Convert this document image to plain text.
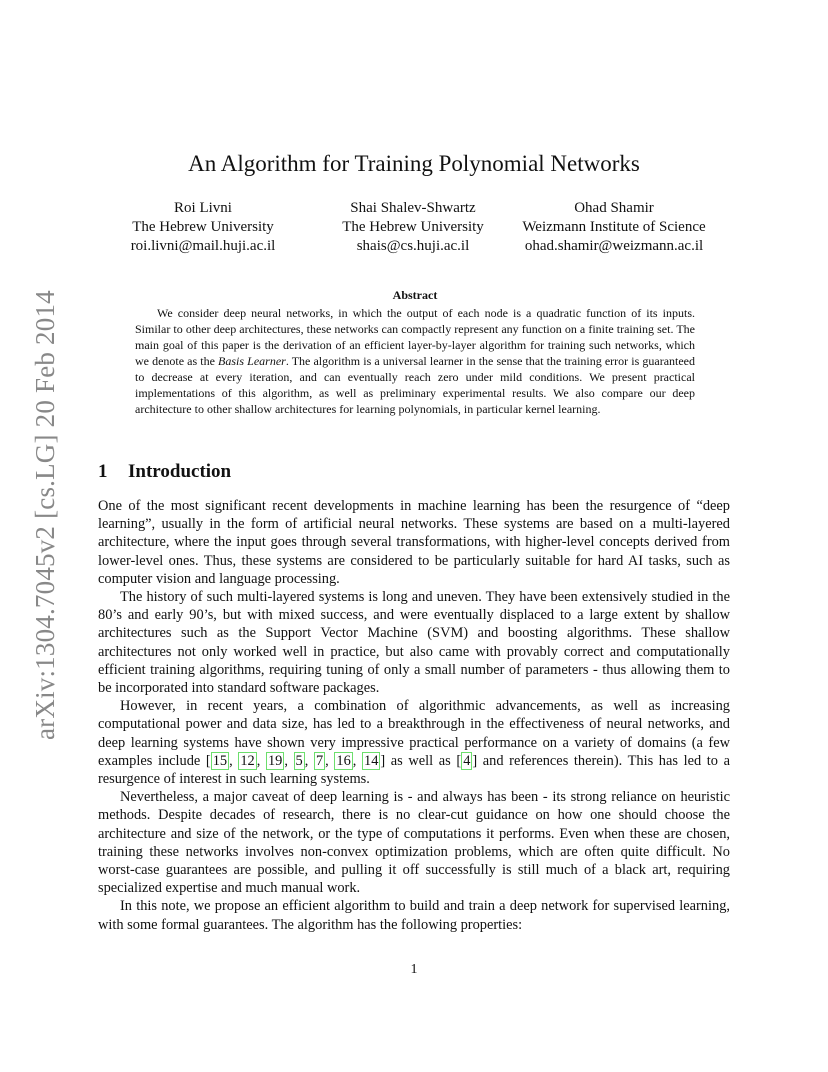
arXiv:1304.7045v2 [cs.LG] 20 Feb 2014
An Algorithm for Training Polynomial Networks
Roi Livni
The Hebrew University
roi.livni@mail.huji.ac.il
Shai Shalev-Shwartz
The Hebrew University
shais@cs.huji.ac.il
Ohad Shamir
Weizmann Institute of Science
ohad.shamir@weizmann.ac.il
Abstract

We consider deep neural networks, in which the output of each node is a quadratic function of its inputs. Similar to other deep architectures, these networks can compactly represent any function on a finite training set. The main goal of this paper is the derivation of an efficient layer-by-layer algorithm for training such networks, which we denote as the Basis Learner. The algorithm is a universal learner in the sense that the training error is guaranteed to decrease at every iteration, and can eventually reach zero under mild conditions. We present practical implementations of this algorithm, as well as preliminary experimental results. We also compare our deep architecture to other shallow architectures for learning polynomials, in particular kernel learning.

1 Introduction

One of the most significant recent developments in machine learning has been the resurgence of “deep learning”, usually in the form of artificial neural networks. These systems are based on a multi-layered architecture, where the input goes through several transformations, with higher-level concepts derived from lower-level ones. Thus, these systems are considered to be particularly suitable for hard AI tasks, such as computer vision and language processing.

The history of such multi-layered systems is long and uneven. They have been extensively studied in the 80’s and early 90’s, but with mixed success, and were eventually displaced to a large extent by shallow architectures such as the Support Vector Machine (SVM) and boosting algorithms. These shallow architectures not only worked well in practice, but also came with provably correct and computationally efficient training algorithms, requiring tuning of only a small number of parameters - thus allowing them to be incorporated into standard software packages.

However, in recent years, a combination of algorithmic advancements, as well as increasing computational power and data size, has led to a breakthrough in the effectiveness of neural networks, and deep learning systems have shown very impressive practical performance on a variety of domains (a few examples include [ 15 , 12 , 19 , 5 , 7 , 16 , 14 ] as well as [ 4 ] and references therein). This has led to a resurgence of interest in such learning systems.

Nevertheless, a major caveat of deep learning is - and always has been - its strong reliance on heuristic methods. Despite decades of research, there is no clear-cut guidance on how one should choose the architecture and size of the network, or the type of computations it performs. Even when these are chosen, training these networks involves non-convex optimization problems, which are often quite difficult. No worst-case guarantees are possible, and pulling it off successfully is still much of a black art, requiring specialized expertise and much manual work.

In this note, we propose an efficient algorithm to build and train a deep network for supervised learning, with some formal guarantees. The algorithm has the following properties:

1
